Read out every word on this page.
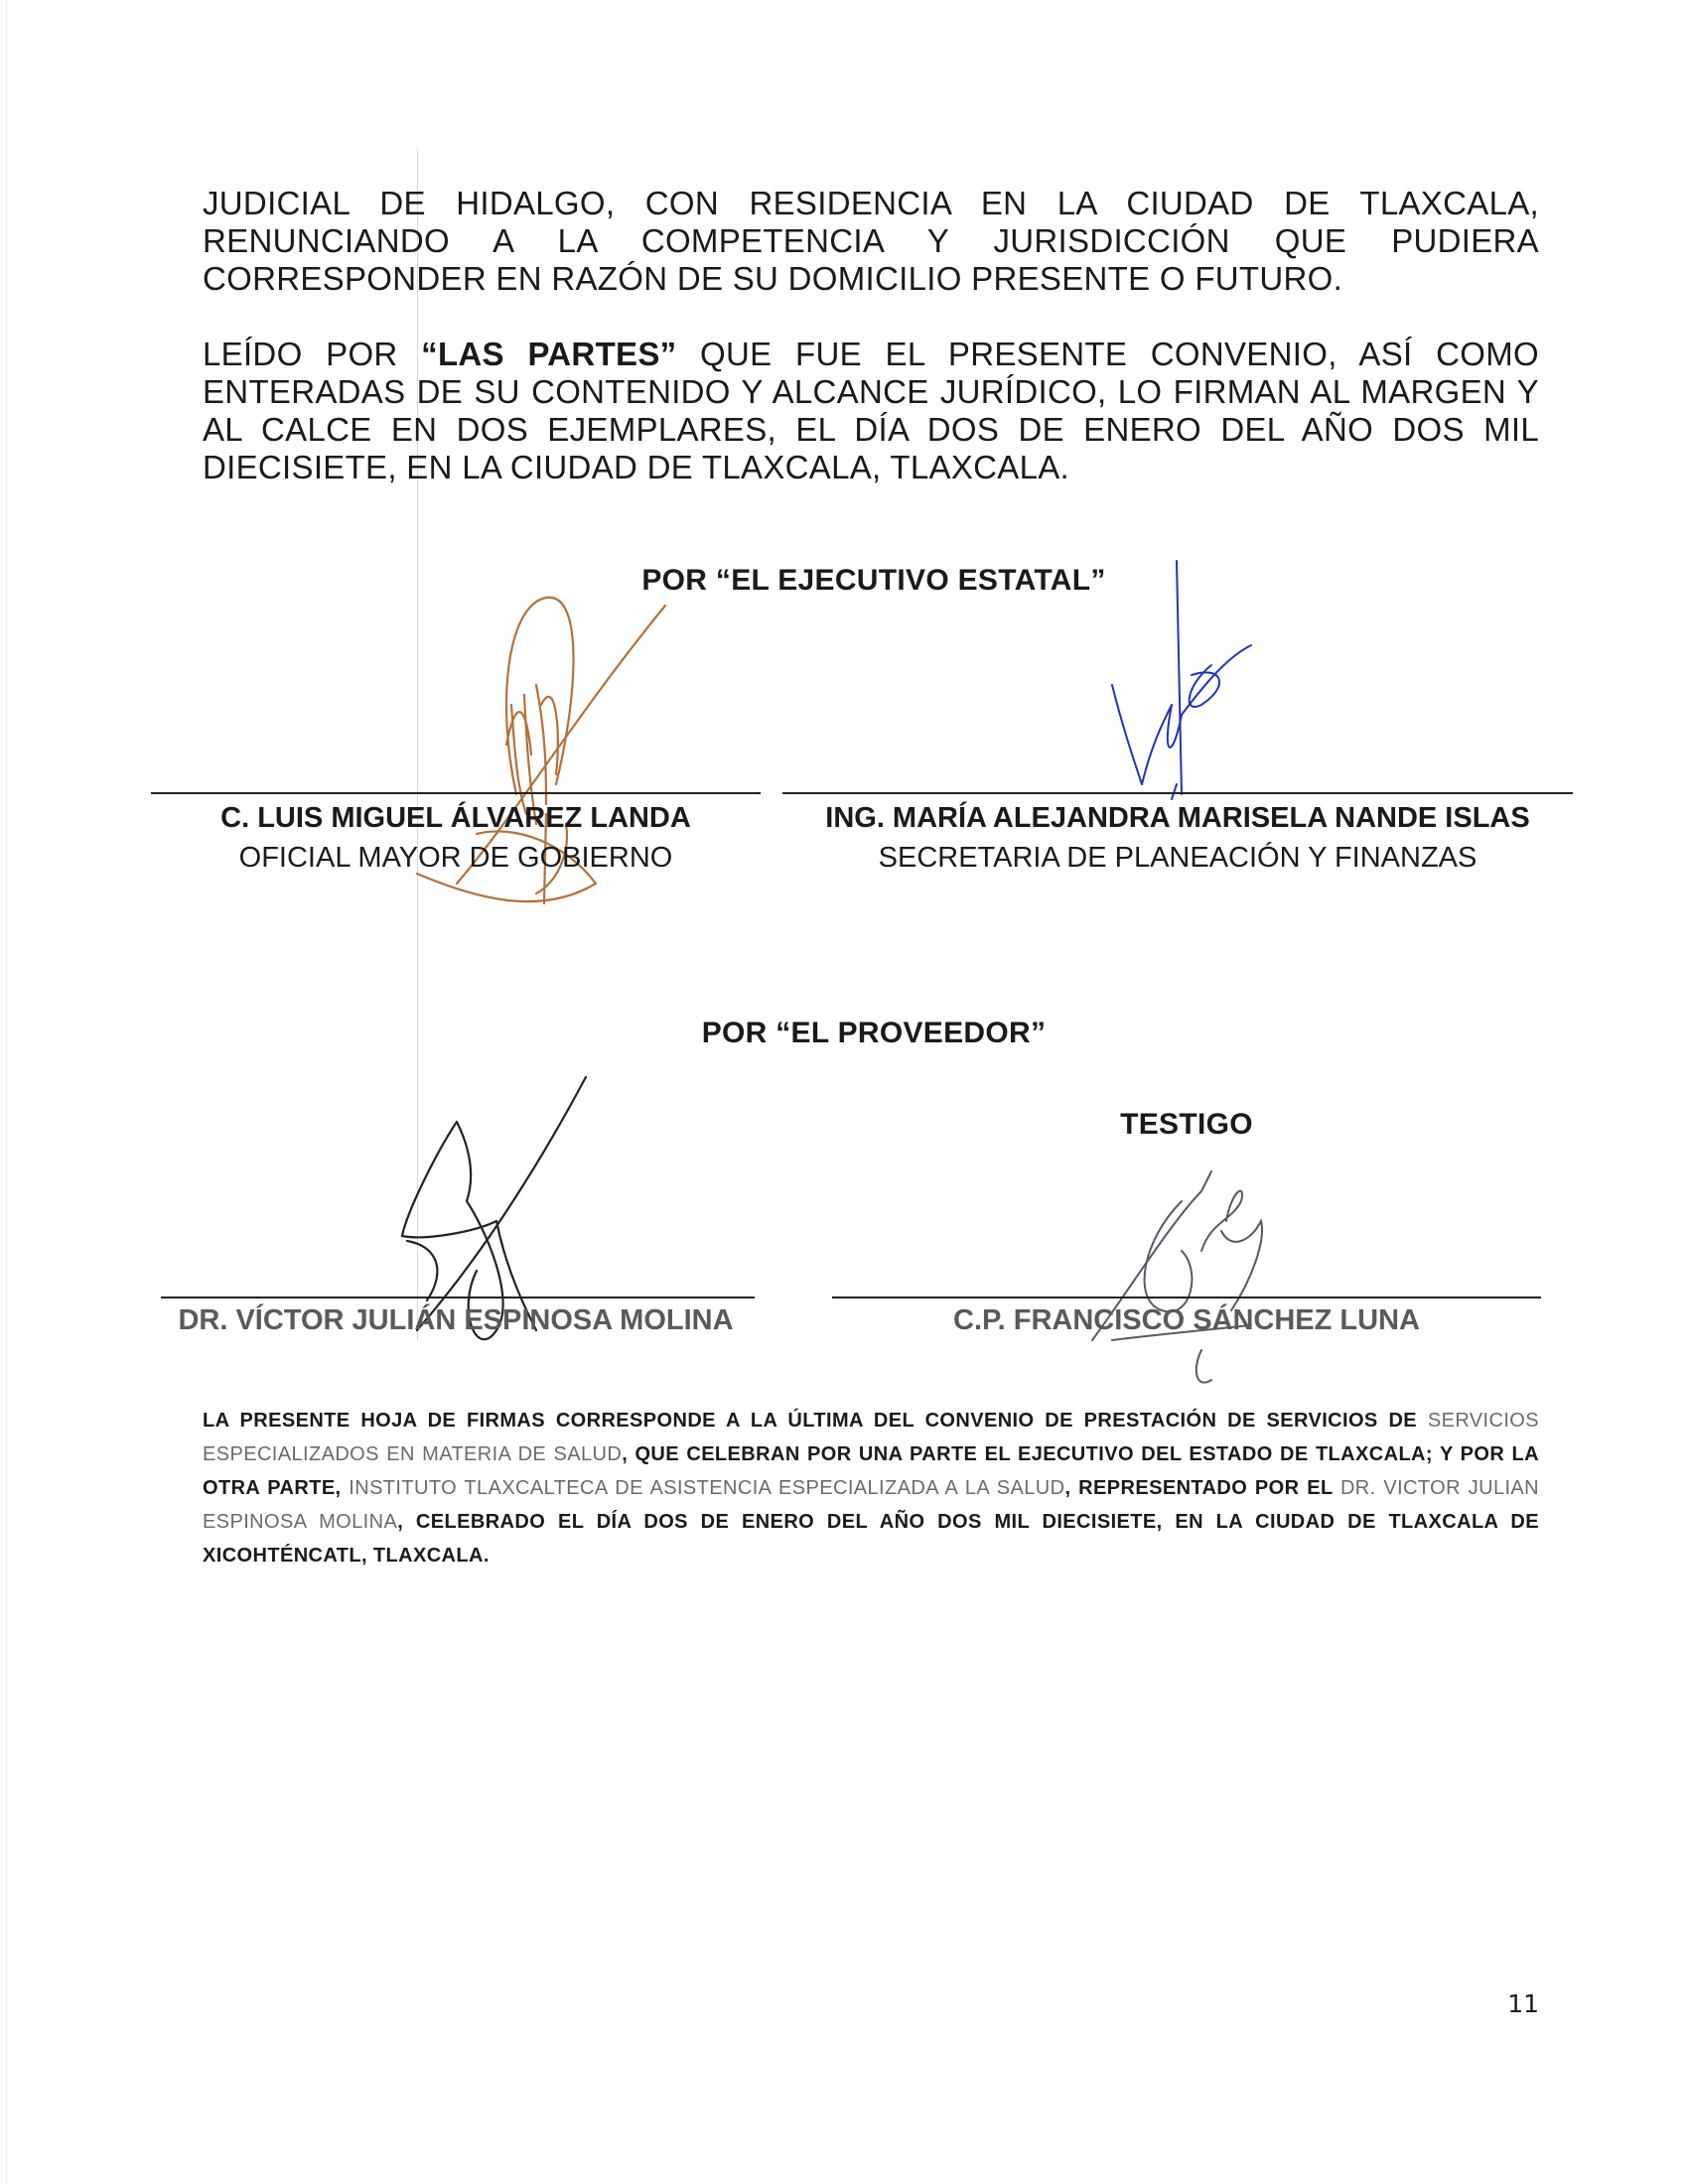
JUDICIAL DE HIDALGO, CON RESIDENCIA EN LA CIUDAD DE TLAXCALA, RENUNCIANDO A LA COMPETENCIA Y JURISDICCIÓN QUE PUDIERA CORRESPONDER EN RAZÓN DE SU DOMICILIO PRESENTE O FUTURO.
LEÍDO POR “LAS PARTES” QUE FUE EL PRESENTE CONVENIO, ASÍ COMO ENTERADAS DE SU CONTENIDO Y ALCANCE JURÍDICO, LO FIRMAN AL MARGEN Y AL CALCE EN DOS EJEMPLARES, EL DÍA DOS DE ENERO DEL AÑO DOS MIL DIECISIETE, EN LA CIUDAD DE TLAXCALA, TLAXCALA.
POR “EL EJECUTIVO ESTATAL”
C. LUIS MIGUEL ÁLVAREZ LANDA
OFICIAL MAYOR DE GOBIERNO
ING. MARÍA ALEJANDRA MARISELA NANDE ISLAS
SECRETARIA DE PLANEACIÓN Y FINANZAS
POR “EL PROVEEDOR”
TESTIGO
DR. VÍCTOR JULIÁN ESPINOSA MOLINA	C.P. FRANCISCO SÁNCHEZ LUNA
LA PRESENTE HOJA DE FIRMAS CORRESPONDE A LA ÚLTIMA DEL CONVENIO DE PRESTACIÓN DE SERVICIOS DE SERVICIOS ESPECIALIZADOS EN MATERIA DE SALUD, QUE CELEBRAN POR UNA PARTE EL EJECUTIVO DEL ESTADO DE TLAXCALA; Y POR LA OTRA PARTE, INSTITUTO TLAXCALTECA DE ASISTENCIA ESPECIALIZADA A LA SALUD, REPRESENTADO POR EL DR. VICTOR JULIAN ESPINOSA MOLINA, CELEBRADO EL DÍA DOS DE ENERO DEL AÑO DOS MIL DIECISIETE, EN LA CIUDAD DE TLAXCALA DE XICOHTÉNCATL, TLAXCALA.
11
